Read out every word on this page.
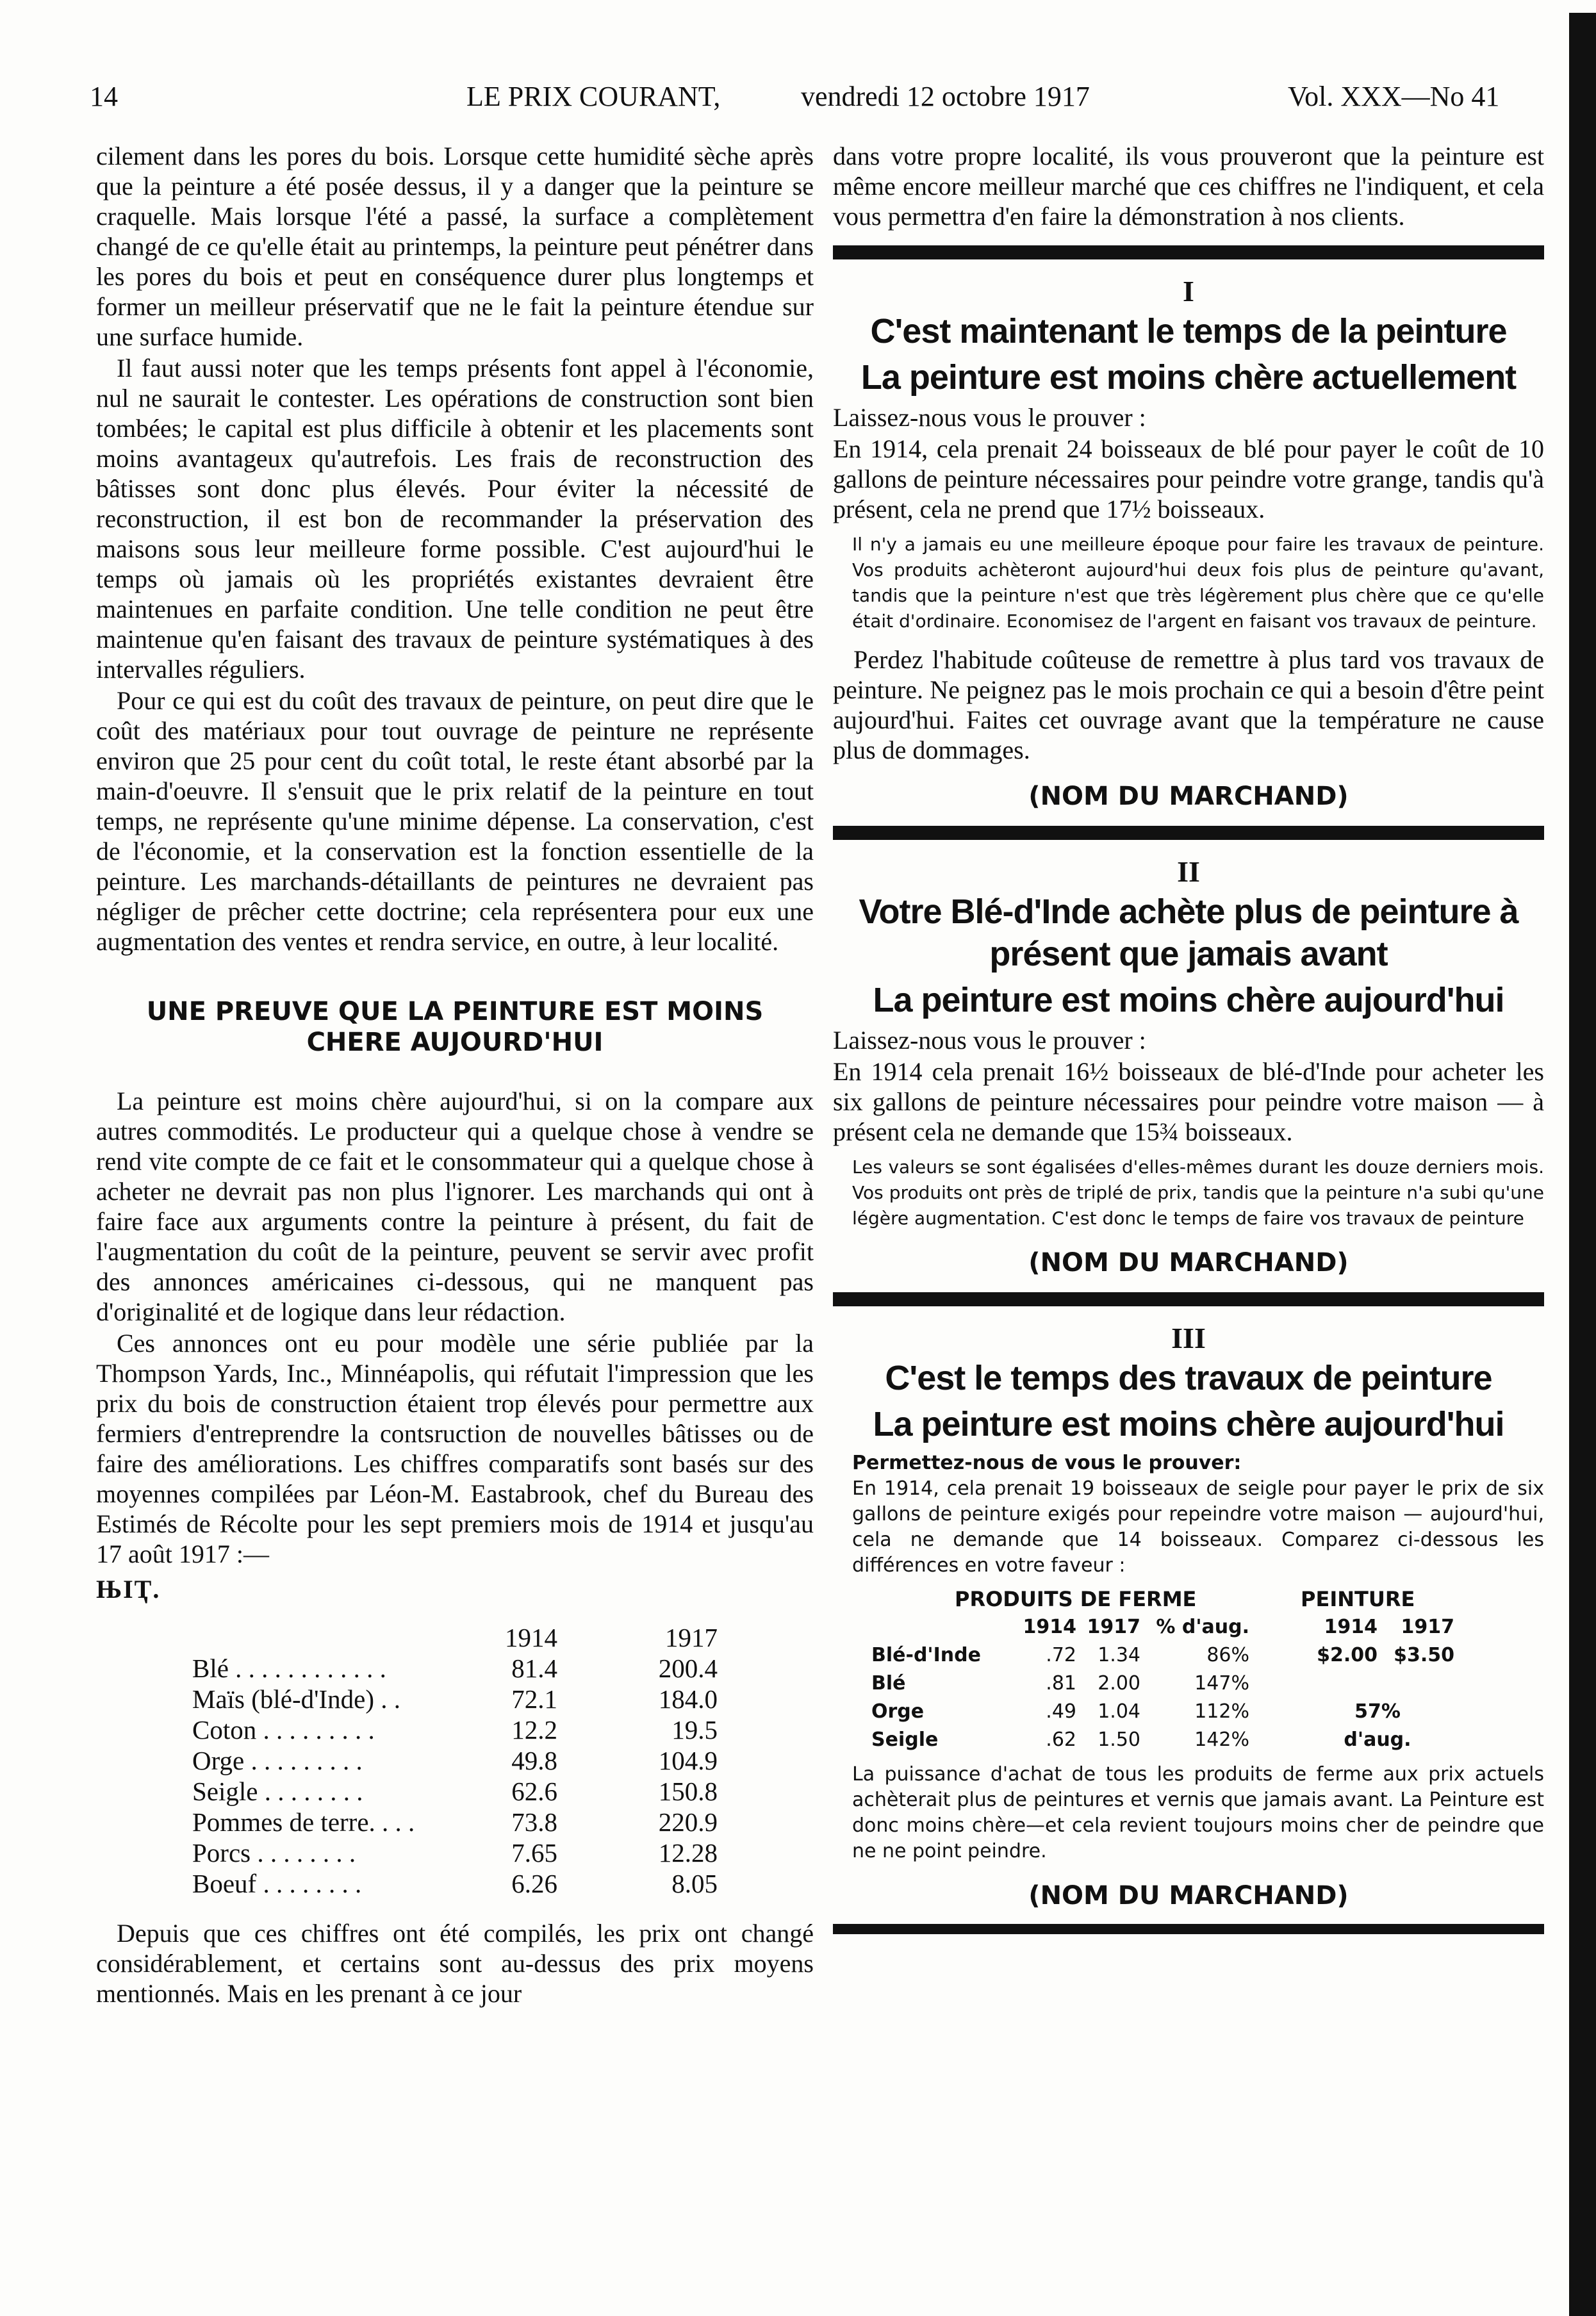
14	LE PRIX COURANT,	vendredi 12 octobre 1917	Vol. XXX—No 41

cilement dans les pores du bois. Lorsque cette humidité sèche après que la peinture a été posée dessus, il y a danger que la peinture se craquelle. Mais lorsque l'été a passé, la surface a complètement changé de ce qu'elle était au printemps, la peinture peut pénétrer dans les pores du bois et peut en conséquence durer plus longtemps et former un meilleur préservatif que ne le fait la peinture étendue sur une surface humide.

Il faut aussi noter que les temps présents font appel à l'économie, nul ne saurait le contester. Les opérations de construction sont bien tombées; le capital est plus difficile à obtenir et les placements sont moins avantageux qu'autrefois. Les frais de reconstruction des bâtisses sont donc plus élevés. Pour éviter la nécessité de reconstruction, il est bon de recommander la préservation des maisons sous leur meilleure forme possible. C'est aujourd'hui le temps où jamais où les propriétés existantes devraient être maintenues en parfaite condition. Une telle condition ne peut être maintenue qu'en faisant des travaux de peinture systématiques à des intervalles réguliers.

Pour ce qui est du coût des travaux de peinture, on peut dire que le coût des matériaux pour tout ouvrage de peinture ne représente environ que 25 pour cent du coût total, le reste étant absorbé par la main-d'oeuvre. Il s'ensuit que le prix relatif de la peinture en tout temps, ne représente qu'une minime dépense. La conservation, c'est de l'économie, et la conservation est la fonction essentielle de la peinture. Les marchands-détaillants de peintures ne devraient pas négliger de prêcher cette doctrine; cela représentera pour eux une augmentation des ventes et rendra service, en outre, à leur localité.

UNE PREUVE QUE LA PEINTURE EST MOINS CHERE AUJOURD'HUI

La peinture est moins chère aujourd'hui, si on la compare aux autres commodités. Le producteur qui a quelque chose à vendre se rend vite compte de ce fait et le consommateur qui a quelque chose à acheter ne devrait pas non plus l'ignorer. Les marchands qui ont à faire face aux arguments contre la peinture à présent, du fait de l'augmentation du coût de la peinture, peuvent se servir avec profit des annonces américaines ci-dessous, qui ne manquent pas d'originalité et de logique dans leur rédaction.

Ces annonces ont eu pour modèle une série publiée par la Thompson Yards, Inc., Minnéapolis, qui réfutait l'impression que les prix du bois de construction étaient trop élevés pour permettre aux fermiers d'entreprendre la contsruction de nouvelles bâtisses ou de faire des améliorations. Les chiffres comparatifs sont basés sur des moyennes compilées par Léon-M. Eastabrook, chef du Bureau des Estimés de Récolte pour les sept premiers mois de 1914 et jusqu'au 17 août 1917 :—

ЊIҬ.
	1914	1917
Blé . . . . . . . . . . . .	81.4	200.4
Maïs (blé-d'Inde) . .	72.1	184.0
Coton . . . . . . . . .	12.2	19.5
Orge . . . . . . . . .	49.8	104.9
Seigle . . . . . . . .	62.6	150.8
Pommes de terre. . . .	73.8	220.9
Porcs . . . . . . . .	7.65	12.28
Boeuf . . . . . . . .	6.26	8.05

Depuis que ces chiffres ont été compilés, les prix ont changé considérablement, et certains sont au-dessus des prix moyens mentionnés. Mais en les prenant à ce jour

dans votre propre localité, ils vous prouveront que la peinture est même encore meilleur marché que ces chiffres ne l'indiquent, et cela vous permettra d'en faire la démonstration à nos clients.

I
C'est maintenant le temps de la peinture
La peinture est moins chère actuellement

Laissez-nous vous le prouver :

En 1914, cela prenait 24 boisseaux de blé pour payer le coût de 10 gallons de peinture nécessaires pour peindre votre grange, tandis qu'à présent, cela ne prend que 17½ boisseaux.

Il n'y a jamais eu une meilleure époque pour faire les travaux de peinture. Vos produits achèteront aujourd'hui deux fois plus de peinture qu'avant, tandis que la peinture n'est que très légèrement plus chère que ce qu'elle était d'ordinaire. Economisez de l'argent en faisant vos travaux de peinture.

Perdez l'habitude coûteuse de remettre à plus tard vos travaux de peinture. Ne peignez pas le mois prochain ce qui a besoin d'être peint aujourd'hui. Faites cet ouvrage avant que la température ne cause plus de dommages.

(NOM DU MARCHAND)
II
Votre Blé-d'Inde achète plus de peinture à présent que jamais avant
La peinture est moins chère aujourd'hui

Laissez-nous vous le prouver :

En 1914 cela prenait 16½ boisseaux de blé-d'Inde pour acheter les six gallons de peinture nécessaires pour peindre votre maison — à présent cela ne demande que 15¾ boisseaux.

Les valeurs se sont égalisées d'elles-mêmes durant les douze derniers mois. Vos produits ont près de triplé de prix, tandis que la peinture n'a subi qu'une légère augmentation. C'est donc le temps de faire vos travaux de peinture
(NOM DU MARCHAND)
III
C'est le temps des travaux de peinture
La peinture est moins chère aujourd'hui

Permettez-nous de vous le prouver:

En 1914, cela prenait 19 boisseaux de seigle pour payer le prix de six gallons de peinture exigés pour repeindre votre maison — aujourd'hui, cela ne demande que 14 boisseaux. Comparez ci-dessous les différences en votre faveur :

PRODUITS DE FERME					PEINTURE	
	1914	1917	% d'aug.		1914	1917
Blé-d'Inde	.72	1.34	86%		$2.00	$3.50
Blé	.81	2.00	147%			
Orge	.49	1.04	112%		57%	
Seigle	.62	1.50	142%		d'aug.	

La puissance d'achat de tous les produits de ferme aux prix actuels achèterait plus de peintures et vernis que jamais avant. La Peinture est donc moins chère—et cela revient toujours moins cher de peindre que ne ne point peindre.

(NOM DU MARCHAND)
